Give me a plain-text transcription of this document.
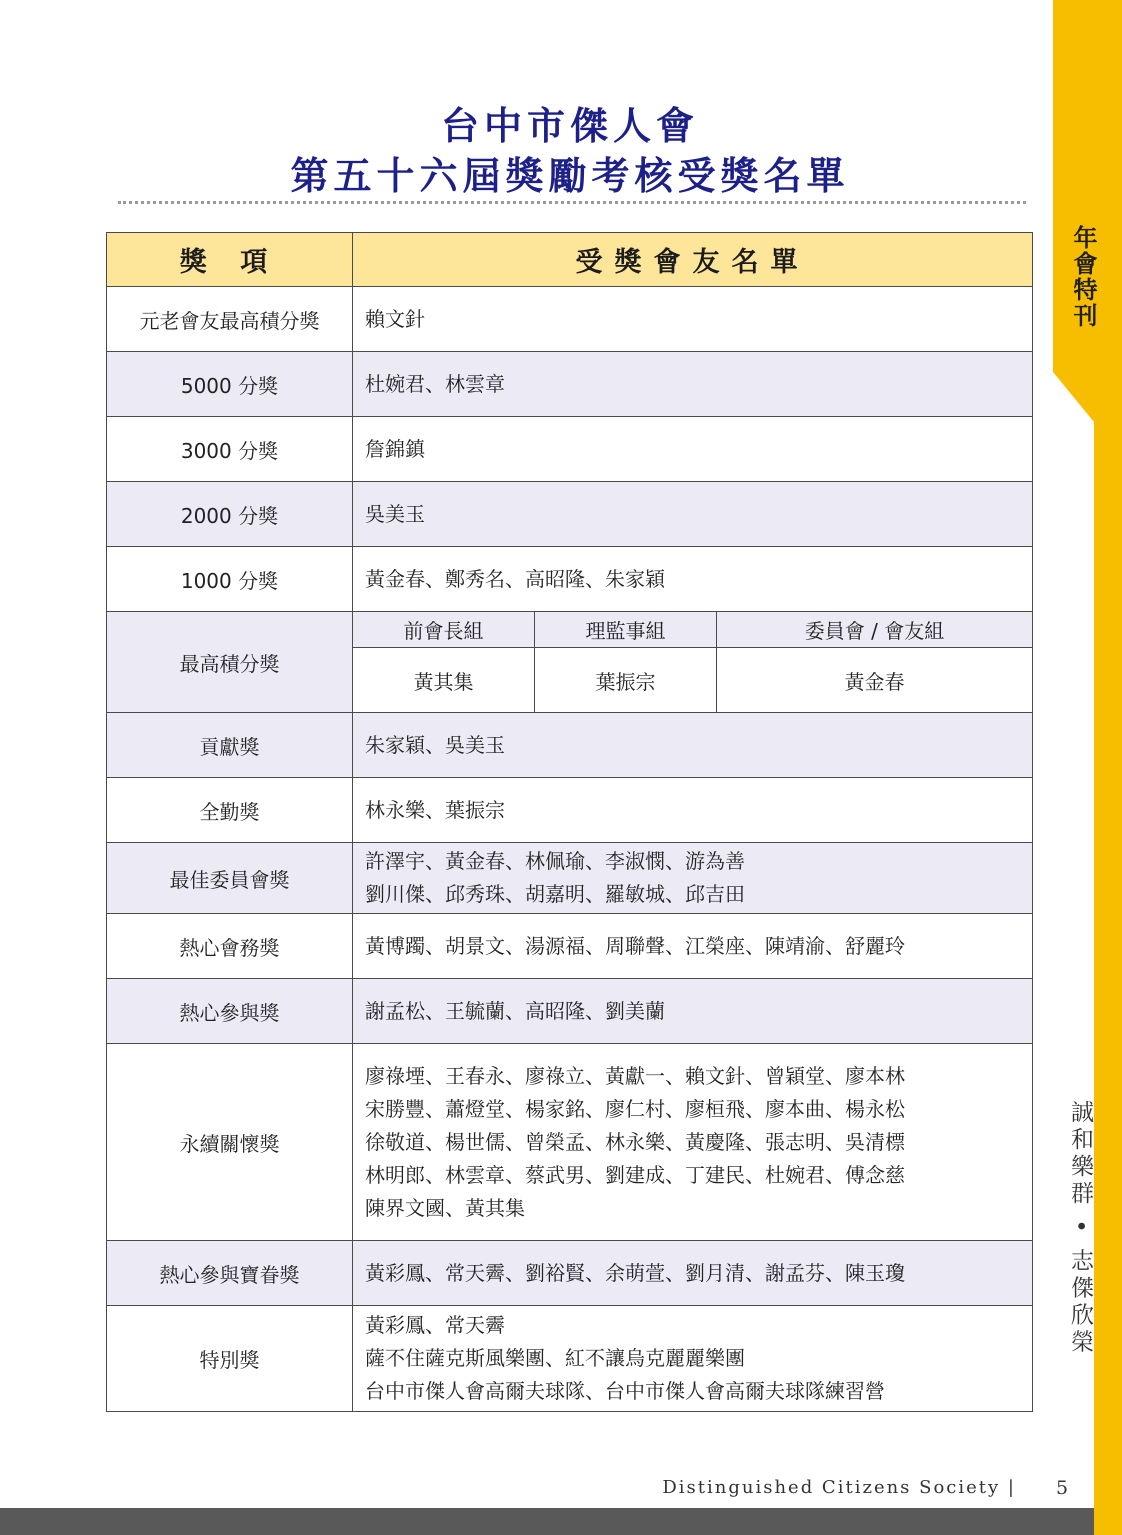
年會特刊
誠和樂群 • 志傑欣榮
台中市傑人會
第五十六屆獎勵考核受獎名單
獎 項	受獎會友名單		
元老會友最高積分獎	賴文針		
5000 分獎	杜婉君、林雲章		
3000 分獎	詹錦鎮		
2000 分獎	吳美玉		
1000 分獎	黃金春、鄭秀名、高昭隆、朱家穎		
最高積分獎	前會長組	理監事組	委員會 / 會友組
	黃其集	葉振宗	黃金春
貢獻獎	朱家穎、吳美玉		
全勤獎	林永樂、葉振宗		
最佳委員會獎	許澤宇、黃金春、林佩瑜、李淑憫、游為善
劉川傑、邱秀珠、胡嘉明、羅敏城、邱吉田		

熱心會務獎	黃博躅、胡景文、湯源福、周聯聲、江榮座、陳靖渝、舒麗玲		
熱心參與獎	謝孟松、王毓蘭、高昭隆、劉美蘭		
永續關懷獎	廖祿堙、王春永、廖祿立、黃獻一、賴文針、曾穎堂、廖本林
宋勝豐、蕭燈堂、楊家銘、廖仁村、廖桓飛、廖本曲、楊永松
徐敬道、楊世儒、曾榮孟、林永樂、黃慶隆、張志明、吳清標
林明郎、林雲章、蔡武男、劉建成、丁建民、杜婉君、傅念慈
陳界文國、黃其集		

熱心參與寶眷獎	黃彩鳳、常天霽、劉裕賢、余萌萱、劉月清、謝孟芬、陳玉瓊		
特別獎	黃彩鳳、常天霽
薩不住薩克斯風樂團、紅不讓烏克麗麗樂團
台中市傑人會高爾夫球隊、台中市傑人會高爾夫球隊練習營		
Distinguished Citizens Society | 5
